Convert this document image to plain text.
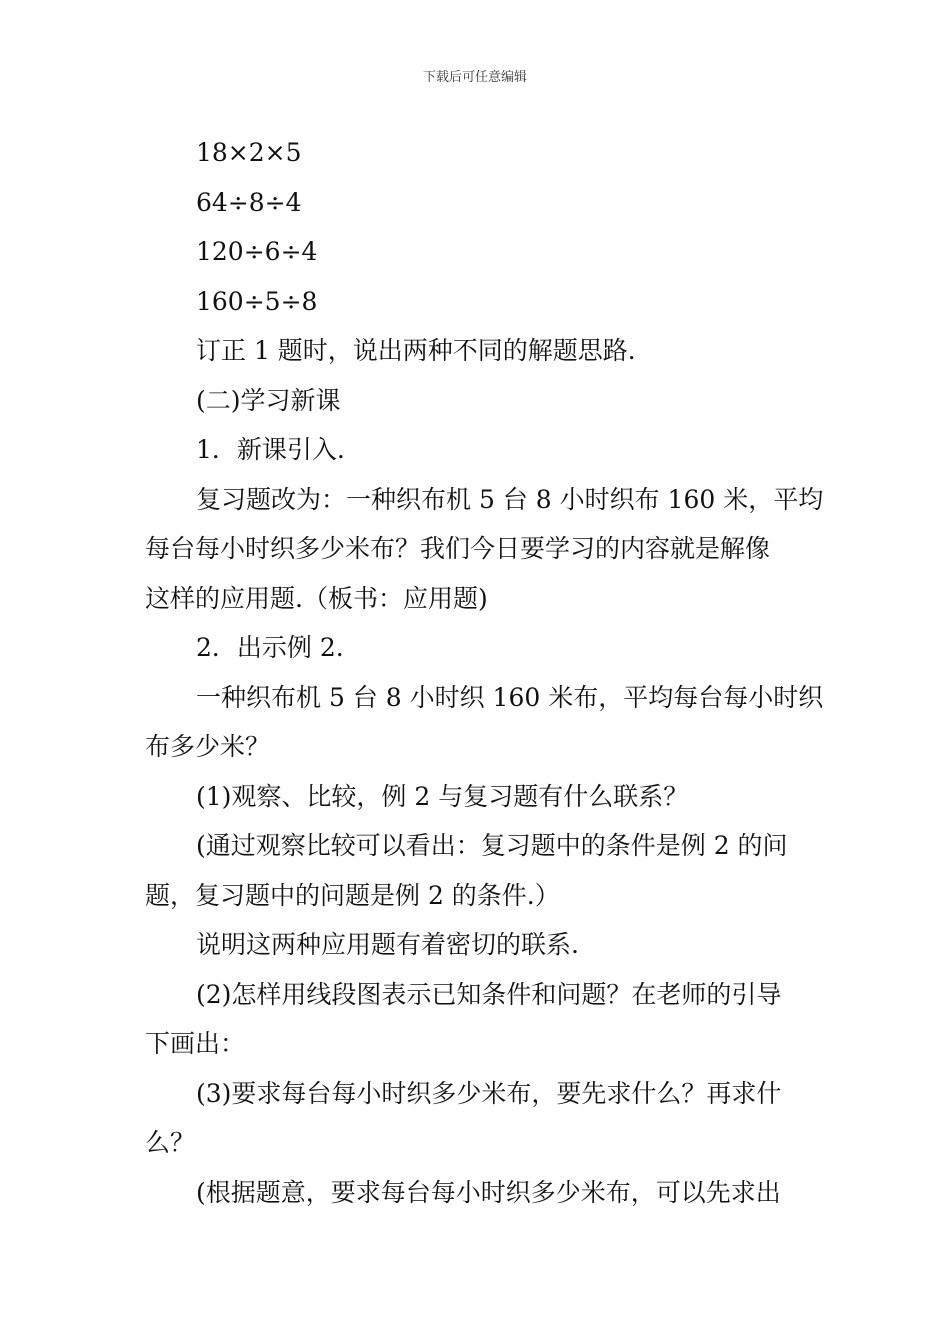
下载后可任意编辑
18×2×5
64÷8÷4
120÷6÷4
160÷5÷8
订正 1 题时，说出两种不同的解题思路.
(二)学习新课
1．新课引入.
复习题改为：一种织布机 5 台 8 小时织布 160 米，平均
每台每小时织多少米布？我们今日要学习的内容就是解像
这样的应用题.（板书：应用题)
2．出示例 2.
一种织布机 5 台 8 小时织 160 米布，平均每台每小时织
布多少米？
(1)观察、比较，例 2 与复习题有什么联系？
(通过观察比较可以看出：复习题中的条件是例 2 的问
题，复习题中的问题是例 2 的条件.）
说明这两种应用题有着密切的联系.
(2)怎样用线段图表示已知条件和问题？在老师的引导
下画出：
(3)要求每台每小时织多少米布，要先求什么？再求什
么？
(根据题意，要求每台每小时织多少米布，可以先求出
